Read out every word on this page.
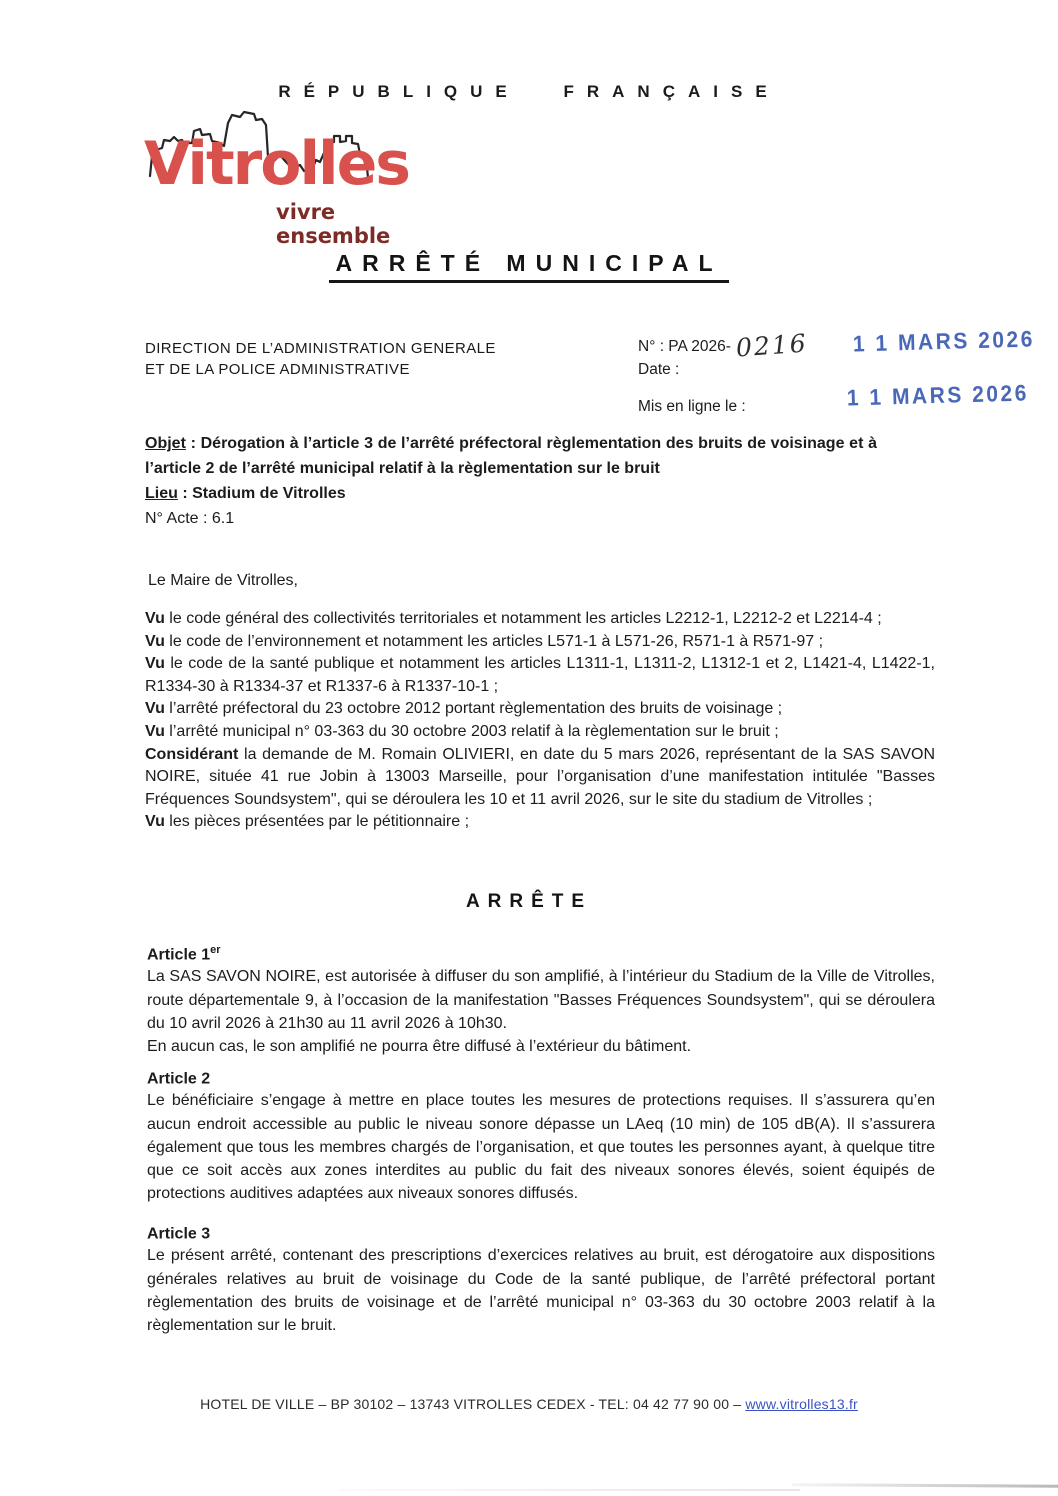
RÉPUBLIQUE FRANÇAISE
Vitrolles
vivre ensemble
ARRÊTÉ MUNICIPAL
DIRECTION DE L’ADMINISTRATION GENERALE
ET DE LA POLICE ADMINISTRATIVE
N° : PA 2026- 0216
Date :
Mis en ligne le :
1 1 MARS 2026
1 1 MARS 2026
Objet : Dérogation à l’article 3 de l’arrêté préfectoral règlementation des bruits de voisinage et à l’article 2 de l’arrêté municipal relatif à la règlementation sur le bruit
Lieu : Stadium de Vitrolles
N° Acte : 6.1
Le Maire de Vitrolles,

Vu le code général des collectivités territoriales et notamment les articles L2212-1, L2212-2 et L2214-4 ;

Vu le code de l’environnement et notamment les articles L571-1 à L571-26, R571-1 à R571-97 ;

Vu le code de la santé publique et notamment les articles L1311-1, L1311-2, L1312-1 et 2, L1421-4, L1422-1, R1334-30 à R1334-37 et R1337-6 à R1337-10-1 ;

Vu l’arrêté préfectoral du 23 octobre 2012 portant règlementation des bruits de voisinage ;

Vu l’arrêté municipal n° 03-363 du 30 octobre 2003 relatif à la règlementation sur le bruit ;

Considérant la demande de M. Romain OLIVIERI, en date du 5 mars 2026, représentant de la SAS SAVON NOIRE, située 41 rue Jobin à 13003 Marseille, pour l’organisation d’une manifestation intitulée "Basses Fréquences Soundsystem", qui se déroulera les 10 et 11 avril 2026, sur le site du stadium de Vitrolles ;

Vu les pièces présentées par le pétitionnaire ;

ARRÊTE
Article 1er

La SAS SAVON NOIRE, est autorisée à diffuser du son amplifié, à l’intérieur du Stadium de la Ville de Vitrolles, route départementale 9, à l’occasion de la manifestation "Basses Fréquences Soundsystem", qui se déroulera du 10 avril 2026 à 21h30 au 11 avril 2026 à 10h30.

En aucun cas, le son amplifié ne pourra être diffusé à l’extérieur du bâtiment.

Article 2

Le bénéficiaire s’engage à mettre en place toutes les mesures de protections requises. Il s’assurera qu’en aucun endroit accessible au public le niveau sonore dépasse un LAeq (10 min) de 105 dB(A). Il s’assurera également que tous les membres chargés de l’organisation, et que toutes les personnes ayant, à quelque titre que ce soit accès aux zones interdites au public du fait des niveaux sonores élevés, soient équipés de protections auditives adaptées aux niveaux sonores diffusés.

Article 3

Le présent arrêté, contenant des prescriptions d’exercices relatives au bruit, est dérogatoire aux dispositions générales relatives au bruit de voisinage du Code de la santé publique, de l’arrêté préfectoral portant règlementation des bruits de voisinage et de l’arrêté municipal n° 03-363 du 30 octobre 2003 relatif à la règlementation sur le bruit.

HOTEL DE VILLE – BP 30102 – 13743 VITROLLES CEDEX - TEL: 04 42 77 90 00 – www.vitrolles13.fr
